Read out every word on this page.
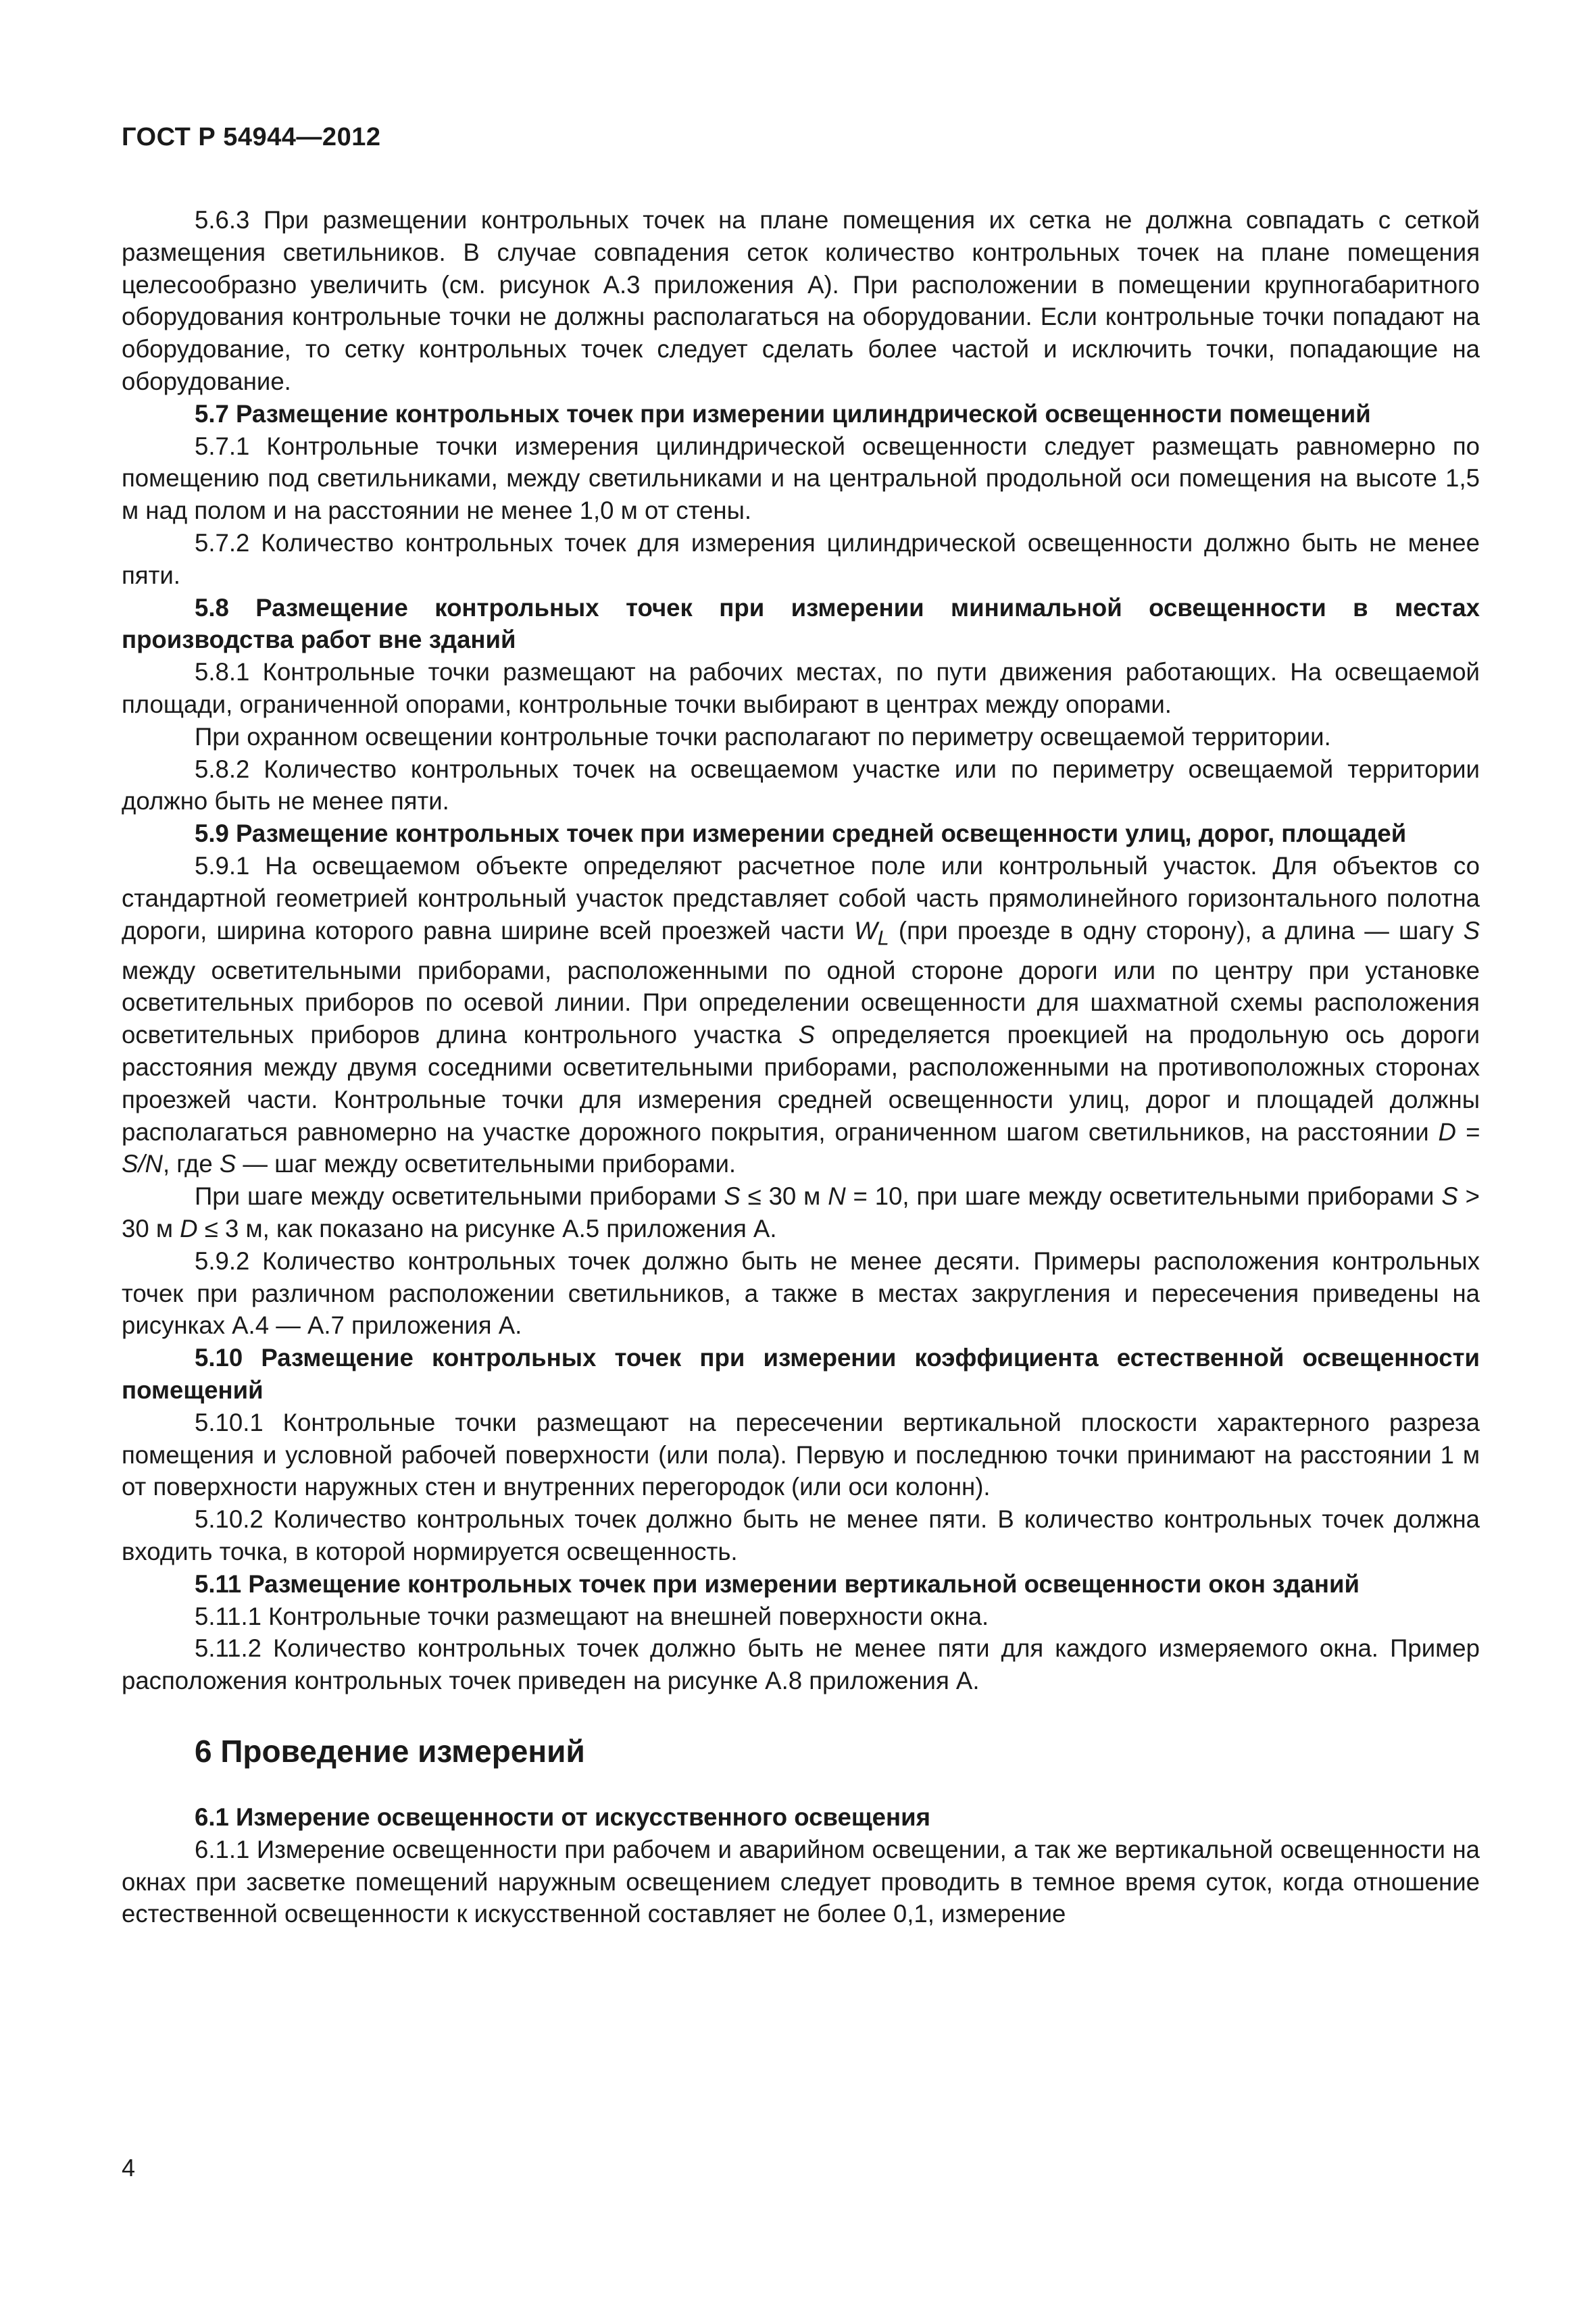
ГОСТ Р 54944—2012

5.6.3 При размещении контрольных точек на плане помещения их сетка не должна совпадать с сеткой размещения светильников. В случае совпадения сеток количество контрольных точек на плане помещения целесообразно увеличить (см. рисунок А.3 приложения А). При расположении в помещении крупногабаритного оборудования контрольные точки не должны располагаться на оборудовании. Если контрольные точки попадают на оборудование, то сетку контрольных точек следует сделать более частой и исключить точки, попадающие на оборудование.

5.7 Размещение контрольных точек при измерении цилиндрической освещенности помещений

5.7.1 Контрольные точки измерения цилиндрической освещенности следует размещать равномерно по помещению под светильниками, между светильниками и на центральной продольной оси помещения на высоте 1,5 м над полом и на расстоянии не менее 1,0 м от стены.

5.7.2 Количество контрольных точек для измерения цилиндрической освещенности должно быть не менее пяти.

5.8 Размещение контрольных точек при измерении минимальной освещенности в местах производства работ вне зданий

5.8.1 Контрольные точки размещают на рабочих местах, по пути движения работающих. На освещаемой площади, ограниченной опорами, контрольные точки выбирают в центрах между опорами.

При охранном освещении контрольные точки располагают по периметру освещаемой территории.

5.8.2 Количество контрольных точек на освещаемом участке или по периметру освещаемой территории должно быть не менее пяти.

5.9 Размещение контрольных точек при измерении средней освещенности улиц, дорог, площадей

5.9.1 На освещаемом объекте определяют расчетное поле или контрольный участок. Для объектов со стандартной геометрией контрольный участок представляет собой часть прямолинейного горизонтального полотна дороги, ширина которого равна ширине всей проезжей части $W_L$ (при проезде в одну сторону), а длина — шагу S между осветительными приборами, расположенными по одной стороне дороги или по центру при установке осветительных приборов по осевой линии. При определении освещенности для шахматной схемы расположения осветительных приборов длина контрольного участка S определяется проекцией на продольную ось дороги расстояния между двумя соседними осветительными приборами, расположенными на противоположных сторонах проезжей части. Контрольные точки для измерения средней освещенности улиц, дорог и площадей должны располагаться равномерно на участке дорожного покрытия, ограниченном шагом светильников, на расстоянии D = S/N, где S — шаг между осветительными приборами.

При шаге между осветительными приборами S ≤ 30 м N = 10, при шаге между осветительными приборами S > 30 м D ≤ 3 м, как показано на рисунке А.5 приложения А.

5.9.2 Количество контрольных точек должно быть не менее десяти. Примеры расположения контрольных точек при различном расположении светильников, а также в местах закругления и пересечения приведены на рисунках А.4 — А.7 приложения А.

5.10 Размещение контрольных точек при измерении коэффициента естественной освещенности помещений

5.10.1 Контрольные точки размещают на пересечении вертикальной плоскости характерного разреза помещения и условной рабочей поверхности (или пола). Первую и последнюю точки принимают на расстоянии 1 м от поверхности наружных стен и внутренних перегородок (или оси колонн).

5.10.2 Количество контрольных точек должно быть не менее пяти. В количество контрольных точек должна входить точка, в которой нормируется освещенность.

5.11 Размещение контрольных точек при измерении вертикальной освещенности окон зданий

5.11.1 Контрольные точки размещают на внешней поверхности окна.

5.11.2 Количество контрольных точек должно быть не менее пяти для каждого измеряемого окна. Пример расположения контрольных точек приведен на рисунке А.8 приложения А.

6 Проведение измерений
6.1 Измерение освещенности от искусственного освещения

6.1.1 Измерение освещенности при рабочем и аварийном освещении, а так же вертикальной освещенности на окнах при засветке помещений наружным освещением следует проводить в темное время суток, когда отношение естественной освещенности к искусственной составляет не более 0,1, измерение

4
